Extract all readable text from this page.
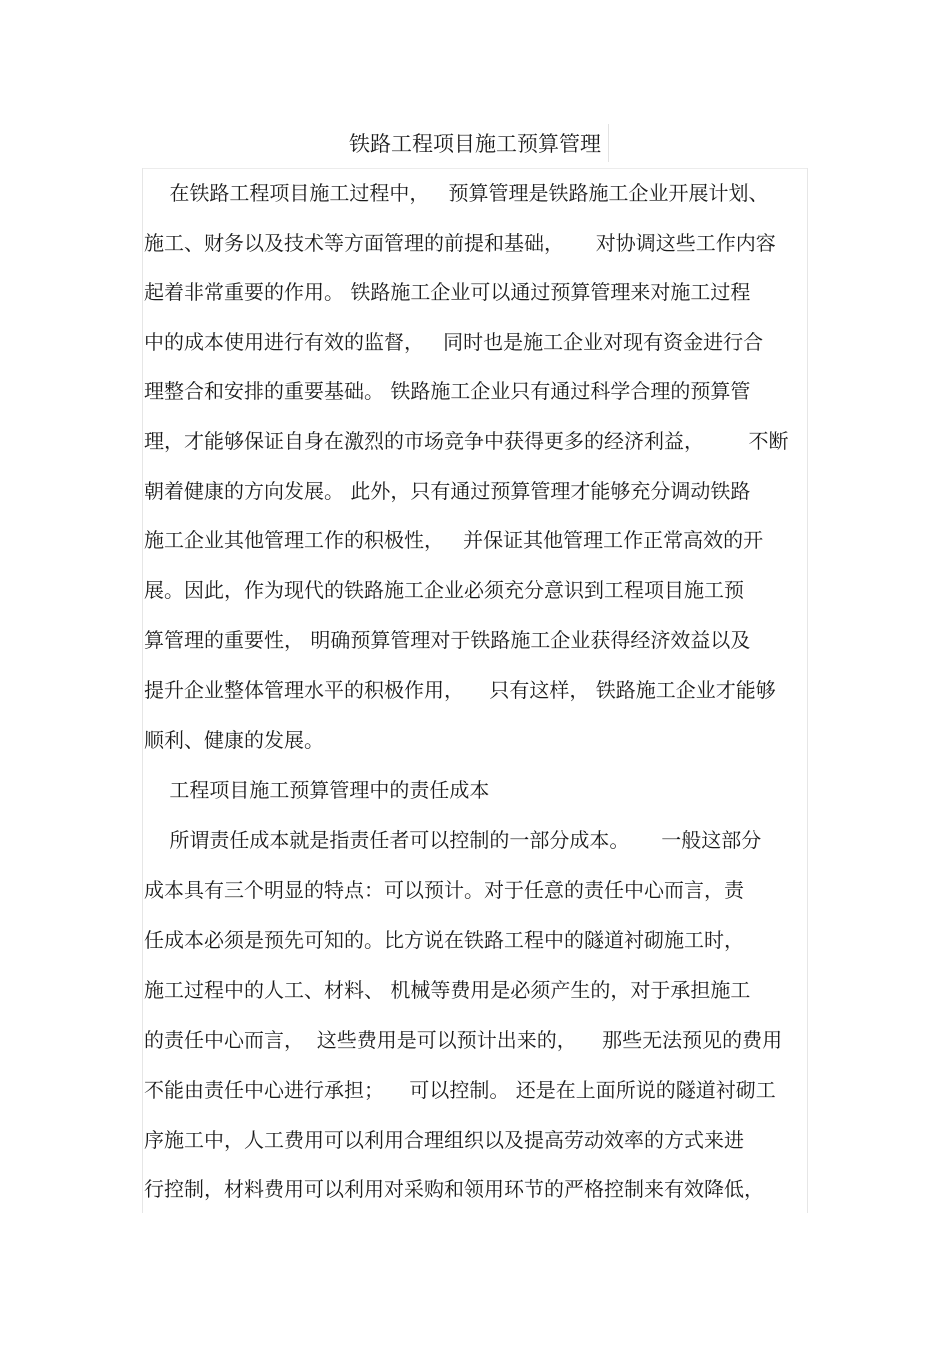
铁路工程项目施工预算管理
在铁路工程项目施工过程中，   预算管理是铁路施工企业开展计划、
施工、财务以及技术等方面管理的前提和基础，     对协调这些工作内容
起着非常重要的作用。 铁路施工企业可以通过预算管理来对施工过程
中的成本使用进行有效的监督，   同时也是施工企业对现有资金进行合
理整合和安排的重要基础。 铁路施工企业只有通过科学合理的预算管
理，才能够保证自身在激烈的市场竞争中获得更多的经济利益，       不断
朝着健康的方向发展。 此外，只有通过预算管理才能够充分调动铁路
施工企业其他管理工作的积极性，   并保证其他管理工作正常高效的开
展。因此，作为现代的铁路施工企业必须充分意识到工程项目施工预
算管理的重要性， 明确预算管理对于铁路施工企业获得经济效益以及
提升企业整体管理水平的积极作用，    只有这样， 铁路施工企业才能够
顺利、健康的发展。
工程项目施工预算管理中的责任成本
所谓责任成本就是指责任者可以控制的一部分成本。     一般这部分
成本具有三个明显的特点：可以预计。对于任意的责任中心而言，责
任成本必须是预先可知的。比方说在铁路工程中的隧道衬砌施工时，
施工过程中的人工、材料、 机械等费用是必须产生的，对于承担施工
的责任中心而言，  这些费用是可以预计出来的，    那些无法预见的费用
不能由责任中心进行承担；    可以控制。 还是在上面所说的隧道衬砌工
序施工中，人工费用可以利用合理组织以及提高劳动效率的方式来进
行控制，材料费用可以利用对采购和领用环节的严格控制来有效降低，
